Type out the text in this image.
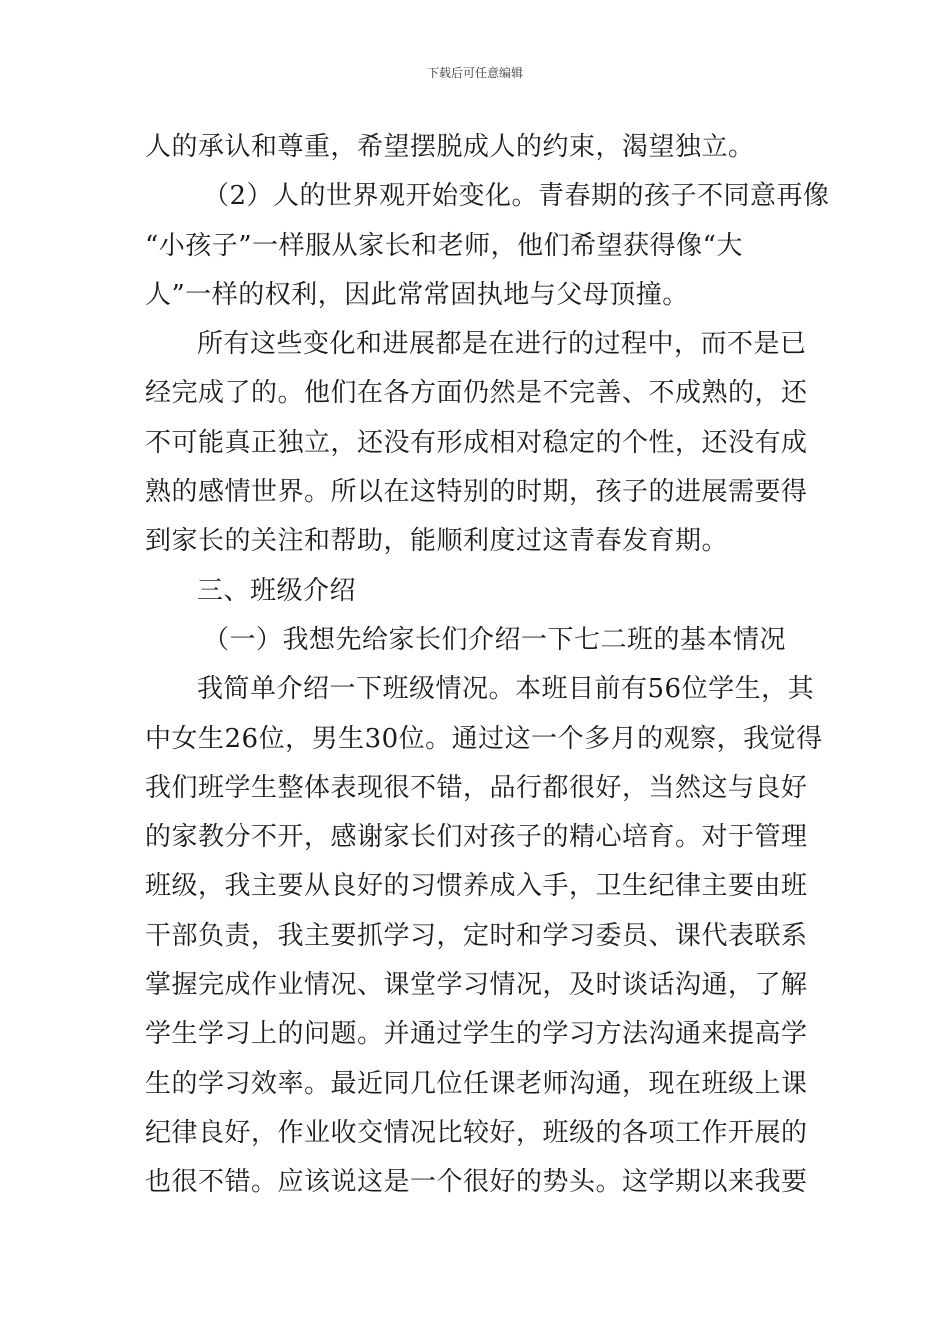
下载后可任意编辑
人的承认和尊重，希望摆脱成人的约束，渴望独立。
（2）人的世界观开始变化。青春期的孩子不同意再像
“小孩子”一样服从家长和老师，他们希望获得像“大
人”一样的权利，因此常常固执地与父母顶撞。
所有这些变化和进展都是在进行的过程中，而不是已
经完成了的。他们在各方面仍然是不完善、不成熟的，还
不可能真正独立，还没有形成相对稳定的个性，还没有成
熟的感情世界。所以在这特别的时期，孩子的进展需要得
到家长的关注和帮助，能顺利度过这青春发育期。
三、班级介绍
（一）我想先给家长们介绍一下七二班的基本情况
我简单介绍一下班级情况。本班目前有56位学生，其
中女生26位，男生30位。通过这一个多月的观察，我觉得
我们班学生整体表现很不错，品行都很好，当然这与良好
的家教分不开，感谢家长们对孩子的精心培育。对于管理
班级，我主要从良好的习惯养成入手，卫生纪律主要由班
干部负责，我主要抓学习，定时和学习委员、课代表联系
掌握完成作业情况、课堂学习情况，及时谈话沟通，了解
学生学习上的问题。并通过学生的学习方法沟通来提高学
生的学习效率。最近同几位任课老师沟通，现在班级上课
纪律良好，作业收交情况比较好，班级的各项工作开展的
也很不错。应该说这是一个很好的势头。这学期以来我要
